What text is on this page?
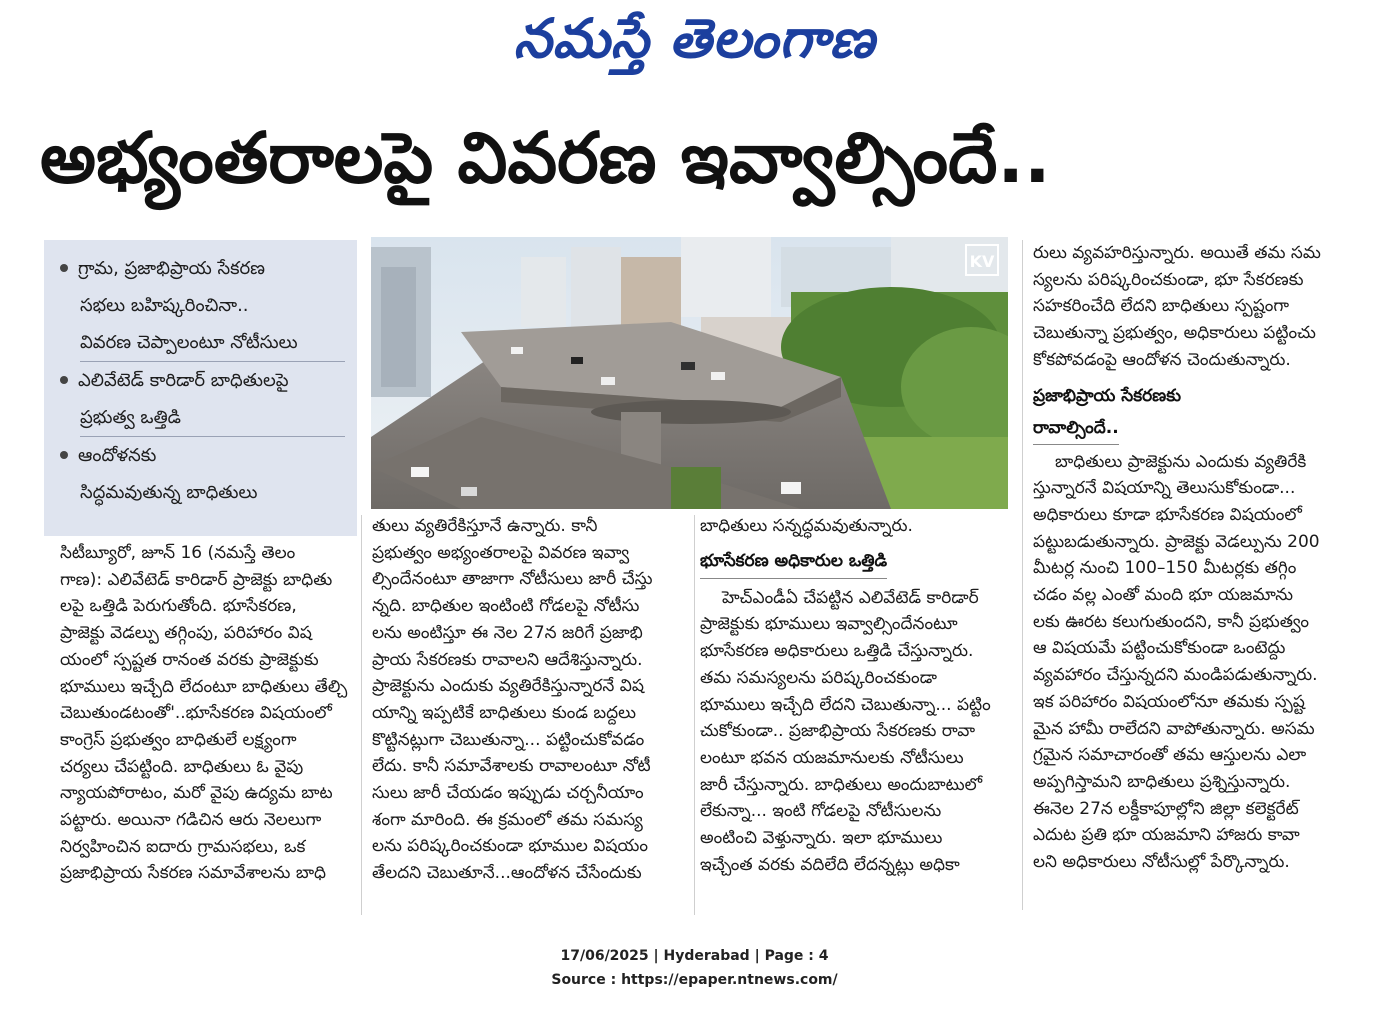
నమస్తే తెలంగాణ
అభ్యంతరాలపై వివరణ ఇవ్వాల్సిందే..
గ్రామ, ప్రజాభిప్రాయ సేకరణ
సభలు బహిష్కరించినా..
వివరణ చెప్పాలంటూ నోటీసులు
ఎలివేటెడ్ కారిడార్ బాధితులపై
ప్రభుత్వ ఒత్తిడి
ఆందోళనకు
సిద్ధమవుతున్న బాధితులు
KV
సిటీబ్యూరో, జూన్ 16 (నమస్తే తెలం
గాణ): ఎలివేటెడ్ కారిడార్ ప్రాజెక్టు బాధితు
లపై ఒత్తిడి పెరుగుతోంది. భూసేకరణ,
ప్రాజెక్టు వెడల్పు తగ్గింపు, పరిహారం విష
యంలో స్పష్టత రానంత వరకు ప్రాజెక్టుకు
భూములు ఇచ్చేది లేదంటూ బాధితులు తేల్చి
చెబుతుండటంతో'..భూసేకరణ విషయంలో
కాంగ్రెస్ ప్రభుత్వం బాధితులే లక్ష్యంగా
చర్యలు చేపట్టింది. బాధితులు ఓ వైపు
న్యాయపోరాటం, మరో వైపు ఉద్యమ బాట
పట్టారు. అయినా గడిచిన ఆరు నెలలుగా
నిర్వహించిన ఐదారు గ్రామసభలు, ఒక
ప్రజాభిప్రాయ సేకరణ సమావేశాలను బాధి
తులు వ్యతిరేకిస్తూనే ఉన్నారు. కానీ
ప్రభుత్వం అభ్యంతరాలపై వివరణ ఇవ్వా
ల్సిందేనంటూ తాజాగా నోటీసులు జారీ చేస్తు
న్నది. బాధితుల ఇంటింటి గోడలపై నోటీసు
లను అంటిస్తూ ఈ నెల 27న జరిగే ప్రజాభి
ప్రాయ సేకరణకు రావాలని ఆదేశిస్తున్నారు.
ప్రాజెక్టును ఎందుకు వ్యతిరేకిస్తున్నారనే విష
యాన్ని ఇప్పటికే బాధితులు కుండ బద్దలు
కొట్టినట్లుగా చెబుతున్నా... పట్టించుకోవడం
లేదు. కానీ సమావేశాలకు రావాలంటూ నోటీ
సులు జారీ చేయడం ఇప్పుడు చర్చనీయాం
శంగా మారింది. ఈ క్రమంలో తమ సమస్య
లను పరిష్కరించకుండా భూముల విషయం
తేలదని చెబుతూనే...ఆందోళన చేసేందుకు
బాధితులు సన్నద్ధమవుతున్నారు.
భూసేకరణ అధికారుల ఒత్తిడి
హెచ్ఎండీఏ చేపట్టిన ఎలివేటెడ్ కారిడార్
ప్రాజెక్టుకు భూములు ఇవ్వాల్సిందేనంటూ
భూసేకరణ అధికారులు ఒత్తిడి చేస్తున్నారు.
తమ సమస్యలను పరిష్కరించకుండా
భూములు ఇచ్చేది లేదని చెబుతున్నా... పట్టిం
చుకోకుండా.. ప్రజాభిప్రాయ సేకరణకు రావా
లంటూ భవన యజమానులకు నోటీసులు
జారీ చేస్తున్నారు. బాధితులు అందుబాటులో
లేకున్నా... ఇంటి గోడలపై నోటీసులను
అంటించి వెళ్తున్నారు. ఇలా భూములు
ఇచ్చేంత వరకు వదిలేది లేదన్నట్లు అధికా
రులు వ్యవహరిస్తున్నారు. అయితే తమ సమ
స్యలను పరిష్కరించకుండా, భూ సేకరణకు
సహకరించేది లేదని బాధితులు స్పష్టంగా
చెబుతున్నా ప్రభుత్వం, అధికారులు పట్టించు
కోకపోవడంపై ఆందోళన చెందుతున్నారు.
ప్రజాభిప్రాయ సేకరణకు
రావాల్సిందే..
బాధితులు ప్రాజెక్టును ఎందుకు వ్యతిరేకి
స్తున్నారనే విషయాన్ని తెలుసుకోకుండా...
అధికారులు కూడా భూసేకరణ విషయంలో
పట్టుబడుతున్నారు. ప్రాజెక్టు వెడల్పును 200
మీటర్ల నుంచి 100–150 మీటర్లకు తగ్గిం
చడం వల్ల ఎంతో మంది భూ యజమాను
లకు ఊరట కలుగుతుందని, కానీ ప్రభుత్వం
ఆ విషయమే పట్టించుకోకుండా ఒంటెద్దు
వ్యవహారం చేస్తున్నదని మండిపడుతున్నారు.
ఇక పరిహారం విషయంలోనూ తమకు స్పష్ట
మైన హామీ రాలేదని వాపోతున్నారు. అసమ
గ్రమైన సమాచారంతో తమ ఆస్తులను ఎలా
అప్పగిస్తామని బాధితులు ప్రశ్నిస్తున్నారు.
ఈనెల 27న లక్డీకాపూల్లోని జిల్లా కలెక్టరేట్
ఎదుట ప్రతి భూ యజమాని హాజరు కావా
లని అధికారులు నోటీసుల్లో పేర్కొన్నారు.
17/06/2025 | Hyderabad | Page : 4
Source : https://epaper.ntnews.com/
